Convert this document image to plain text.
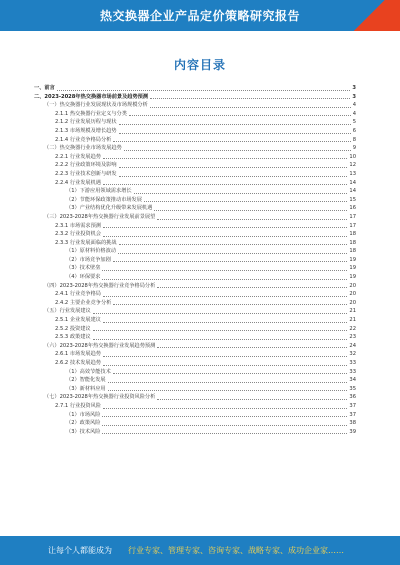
热交换器企业产品定价策略研究报告
内容目录
一、前言	3
二、2023-2028年热交换器市场前景及趋势预测	3
（一）热交换器行业发展现状及市场规模分析	4
2.1.1 热交换器行业定义与分类	4
2.1.2 行业发展历程与现状	5
2.1.3 市场规模及增长趋势	6
2.1.4 行业竞争格局分析	8
（二）热交换器行业市场发展趋势	9
2.2.1 行业发展趋势	10
2.2.2 行业政策环境及影响	12
2.2.3 行业技术创新与研发	13
2.2.4 行业发展机遇	14
（1）下游应用领域需求增长	14
（2）节能环保政策推动市场发展	15
（3）产业结构优化升级带来发展机遇	16
（三）2023-2028年热交换器行业发展前景展望	17
2.3.1 市场需求预测	17
2.3.2 行业投资机会	18
2.3.3 行业发展面临的挑战	18
（1）原材料价格波动	18
（2）市场竞争加剧	19
（3）技术壁垒	19
（4）环保要求	19
（四）2023-2028年热交换器行业竞争格局分析	20
2.4.1 行业竞争格局	20
2.4.2 主要企业竞争分析	20
（五）行业发展建议	21
2.5.1 企业发展建议	21
2.5.2 投资建议	22
2.5.3 政策建议	23
（六）2023-2028年热交换器行业发展趋势预测	24
2.6.1 市场发展趋势	32
2.6.2 技术发展趋势	33
（1）高效节能技术	33
（2）智能化发展	34
（3）新材料应用	35
（七）2023-2028年热交换器行业投资风险分析	36
2.7.1 行业投资风险	37
（1）市场风险	37
（2）政策风险	38
（3）技术风险	39
让每个人都能成为 行业专家、管理专家、咨询专家、战略专家、成功企业家……
